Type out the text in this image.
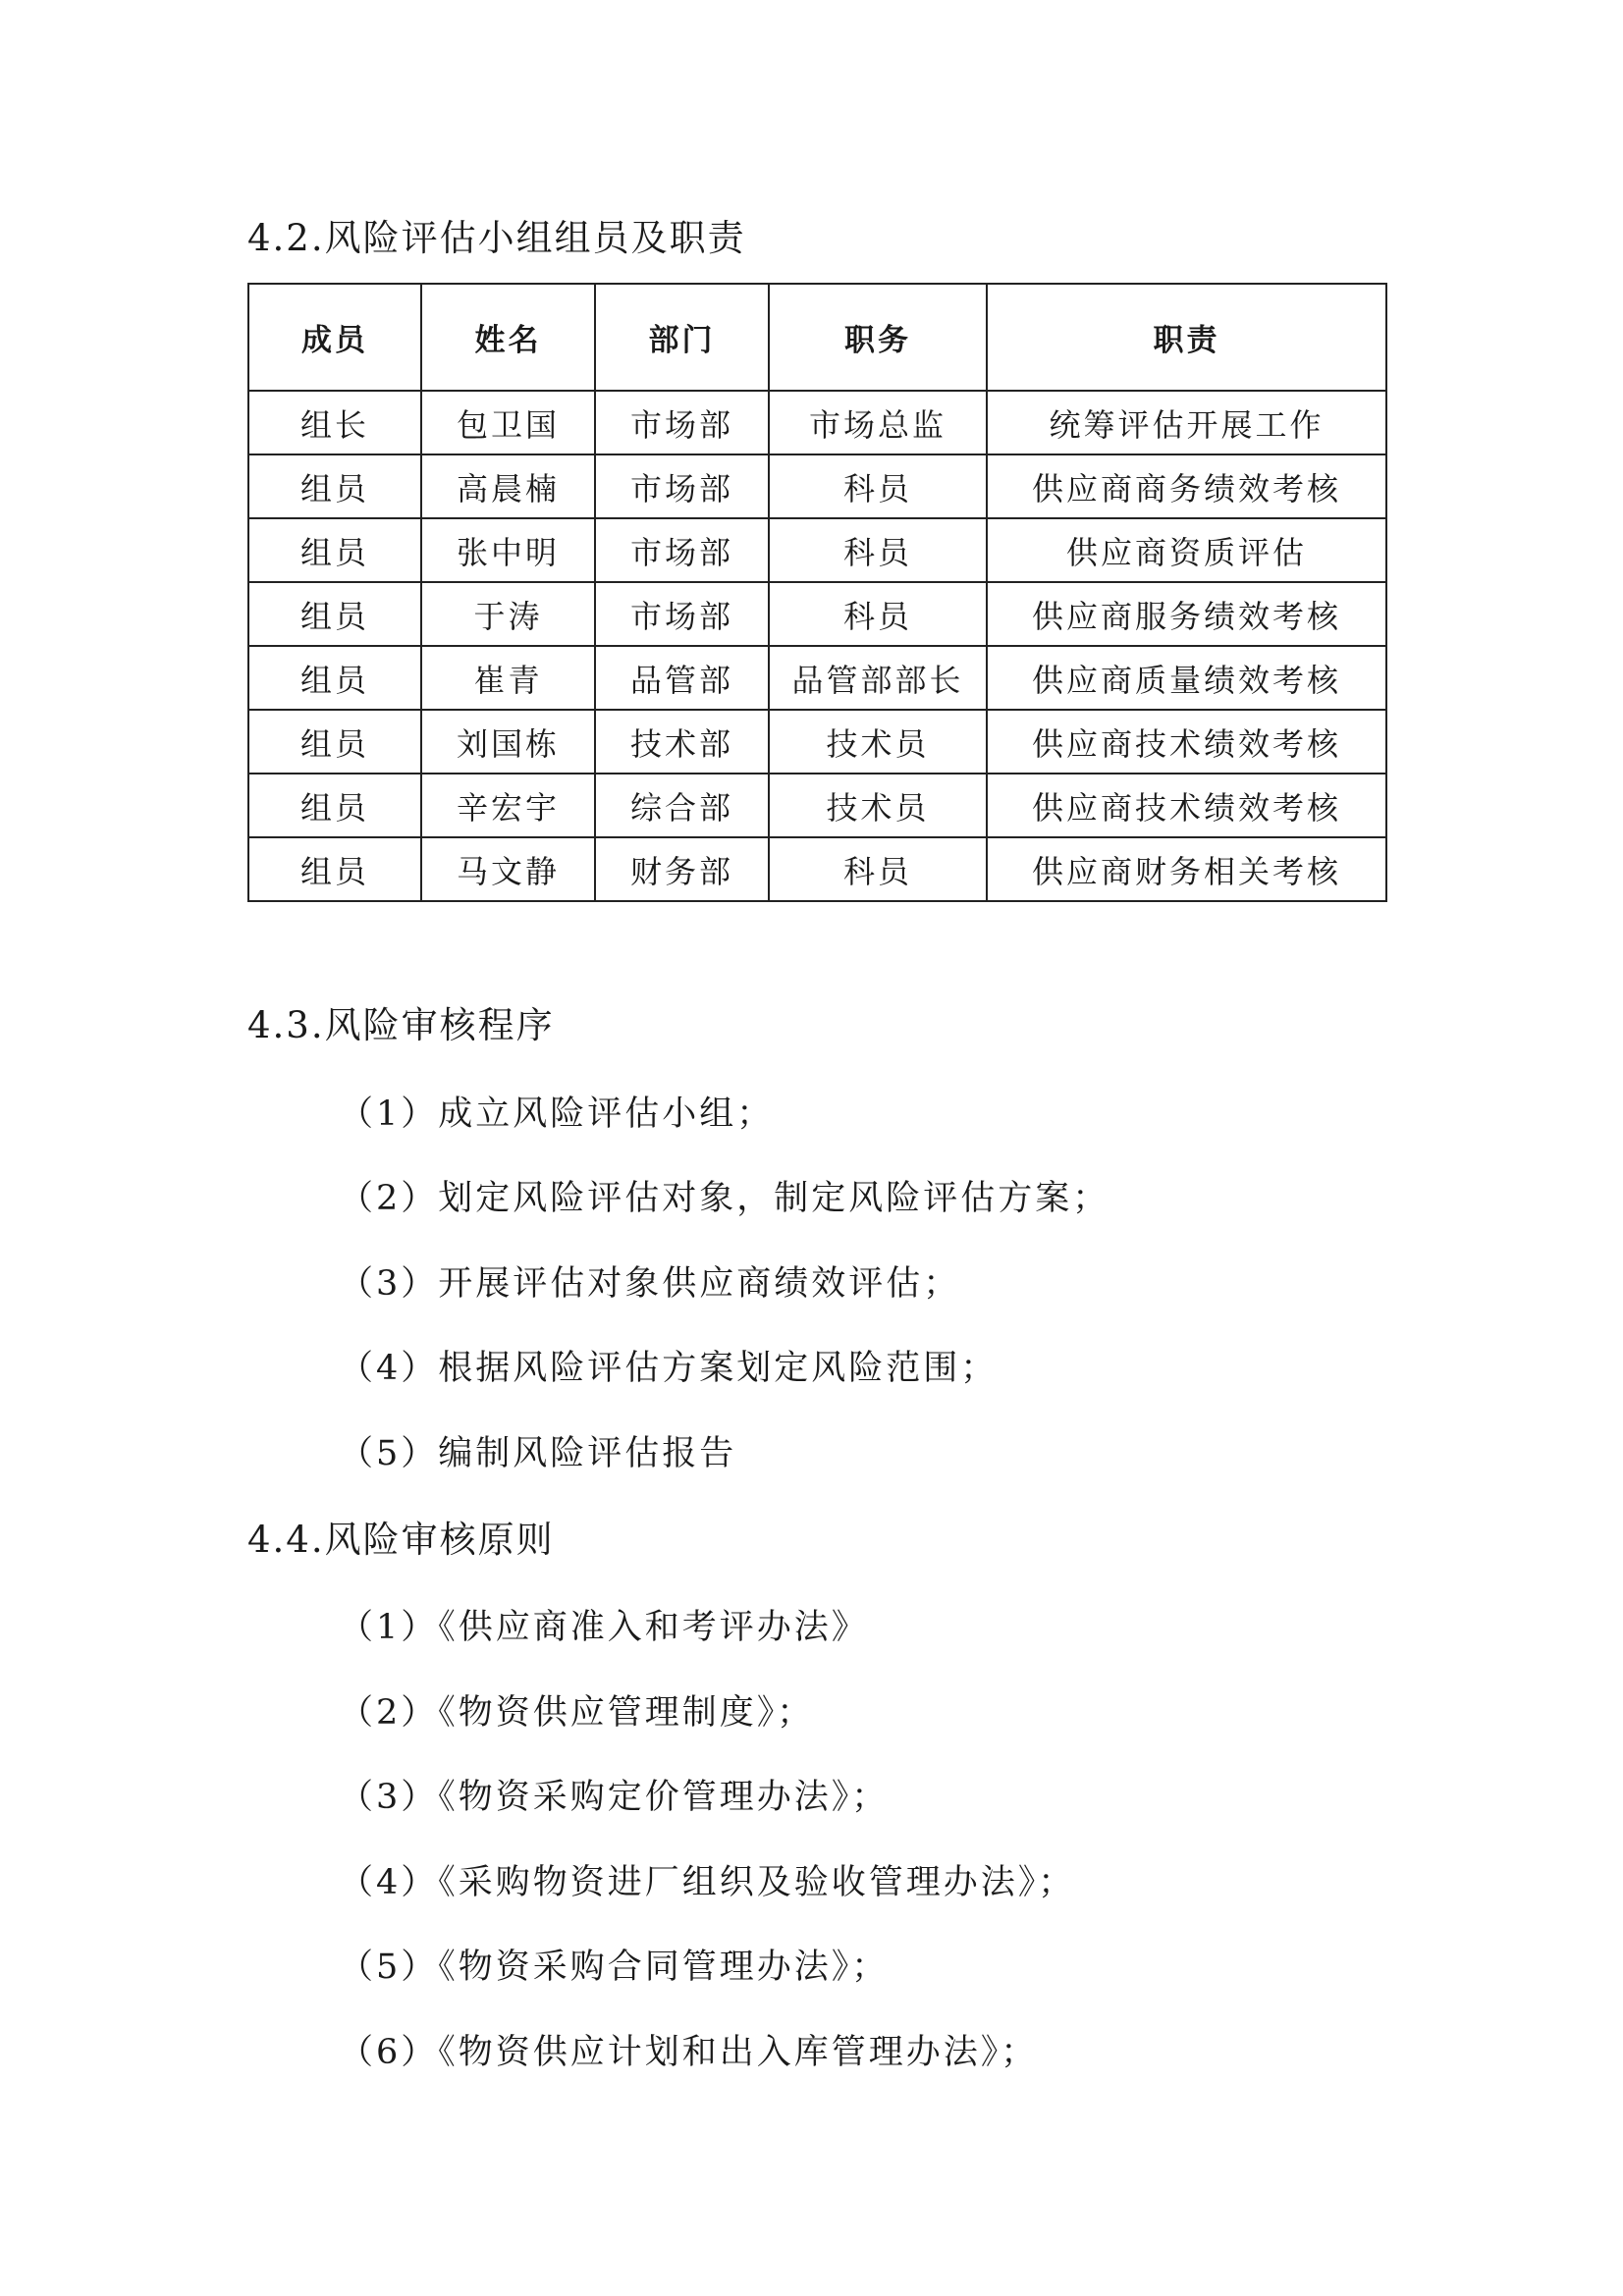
4.2.风险评估小组组员及职责
成员	姓名	部门	职务	职责
组长	包卫国	市场部	市场总监	统筹评估开展工作
组员	高晨楠	市场部	科员	供应商商务绩效考核
组员	张中明	市场部	科员	供应商资质评估
组员	于涛	市场部	科员	供应商服务绩效考核
组员	崔青	品管部	品管部部长	供应商质量绩效考核
组员	刘国栋	技术部	技术员	供应商技术绩效考核
组员	辛宏宇	综合部	技术员	供应商技术绩效考核
组员	马文静	财务部	科员	供应商财务相关考核
4.3.风险审核程序
（1）成立风险评估小组；
（2）划定风险评估对象，制定风险评估方案；
（3）开展评估对象供应商绩效评估；
（4）根据风险评估方案划定风险范围；
（5）编制风险评估报告
4.4.风险审核原则
（1）《供应商准入和考评办法》
（2）《物资供应管理制度》；
（3）《物资采购定价管理办法》；
（4）《采购物资进厂组织及验收管理办法》；
（5）《物资采购合同管理办法》；
（6）《物资供应计划和出入库管理办法》；
